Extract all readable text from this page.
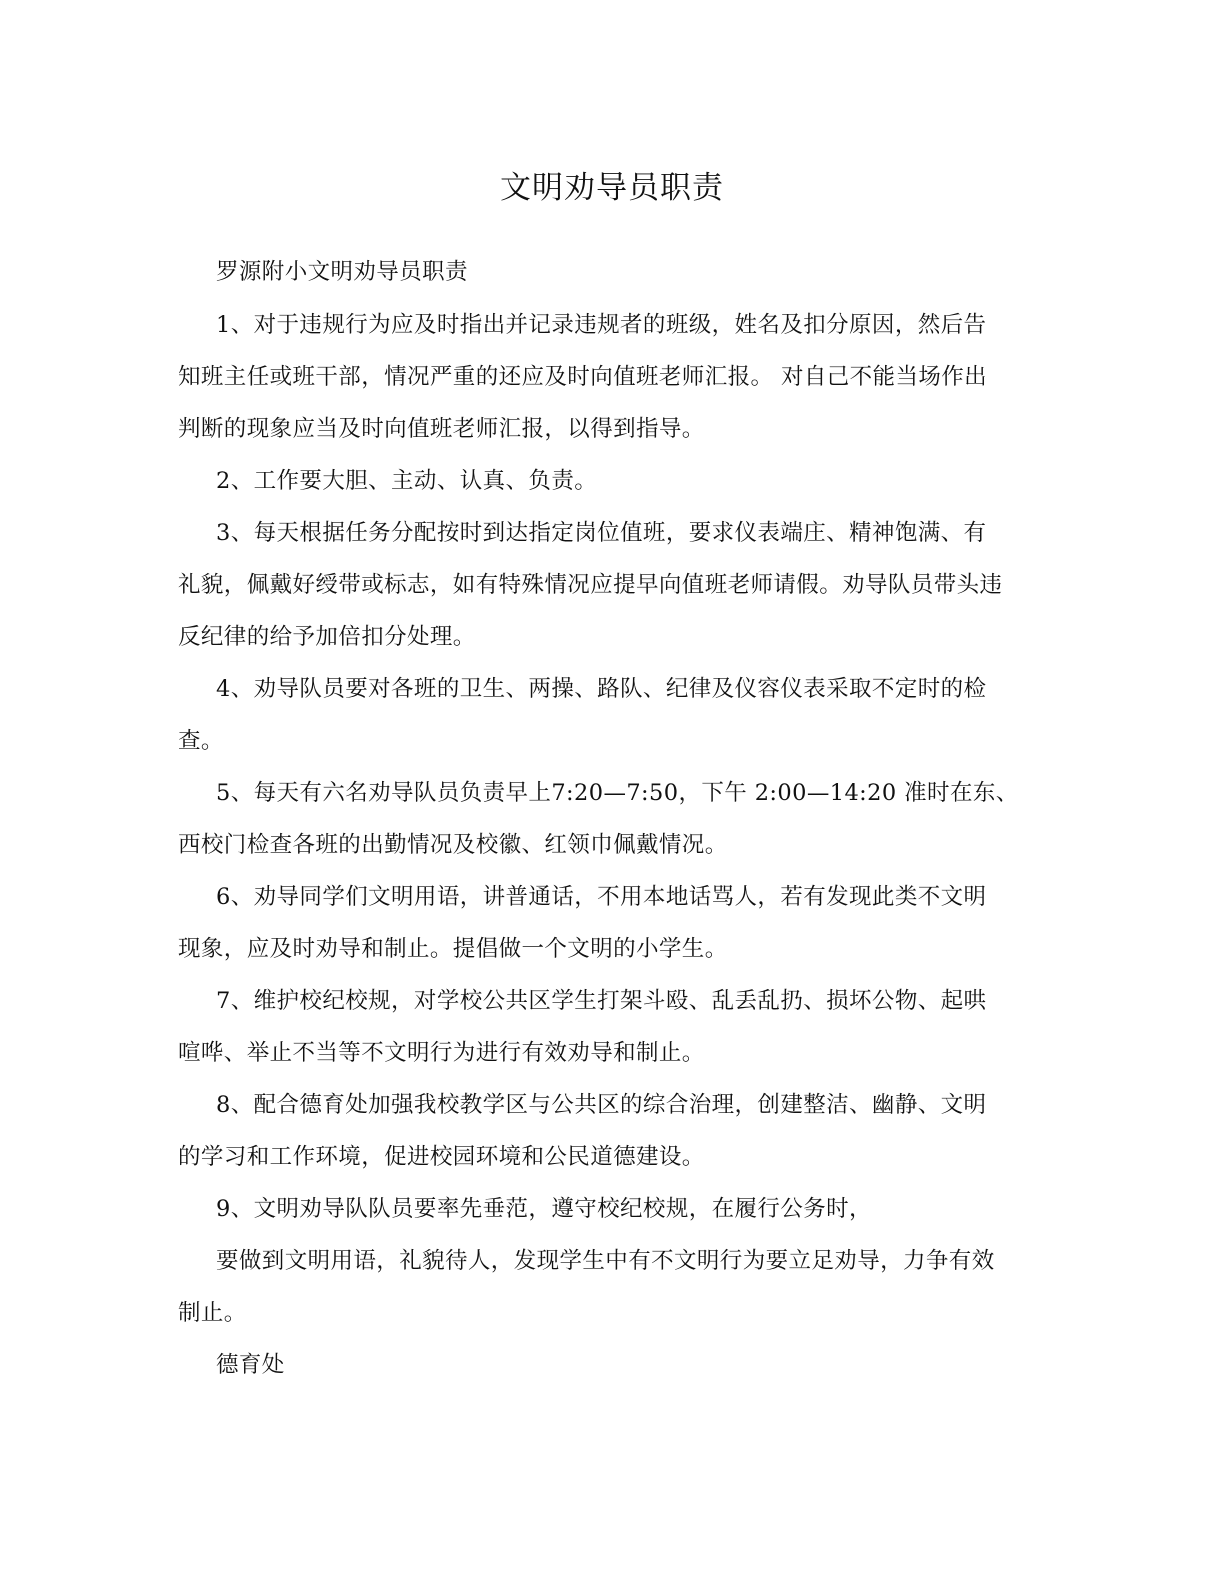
文明劝导员职责
罗源附小文明劝导员职责
1、对于违规行为应及时指出并记录违规者的班级，姓名及扣分原因，然后告
知班主任或班干部，情况严重的还应及时向值班老师汇报。 对自己不能当场作出
判断的现象应当及时向值班老师汇报，以得到指导。
2、工作要大胆、主动、认真、负责。
3、每天根据任务分配按时到达指定岗位值班，要求仪表端庄、精神饱满、有
礼貌，佩戴好绶带或标志，如有特殊情况应提早向值班老师请假。劝导队员带头违
反纪律的给予加倍扣分处理。
4、劝导队员要对各班的卫生、两操、路队、纪律及仪容仪表采取不定时的检
查。
5、每天有六名劝导队员负责早上7:20—7:50，下午 2:00—14:20 准时在东、
西校门检查各班的出勤情况及校徽、红领巾佩戴情况。
6、劝导同学们文明用语，讲普通话，不用本地话骂人，若有发现此类不文明
现象，应及时劝导和制止。提倡做一个文明的小学生。
7、维护校纪校规，对学校公共区学生打架斗殴、乱丢乱扔、损坏公物、起哄
喧哗、举止不当等不文明行为进行有效劝导和制止。
8、配合德育处加强我校教学区与公共区的综合治理，创建整洁、幽静、文明
的学习和工作环境，促进校园环境和公民道德建设。
9、文明劝导队队员要率先垂范，遵守校纪校规，在履行公务时，
要做到文明用语，礼貌待人，发现学生中有不文明行为要立足劝导，力争有效
制止。
德育处
